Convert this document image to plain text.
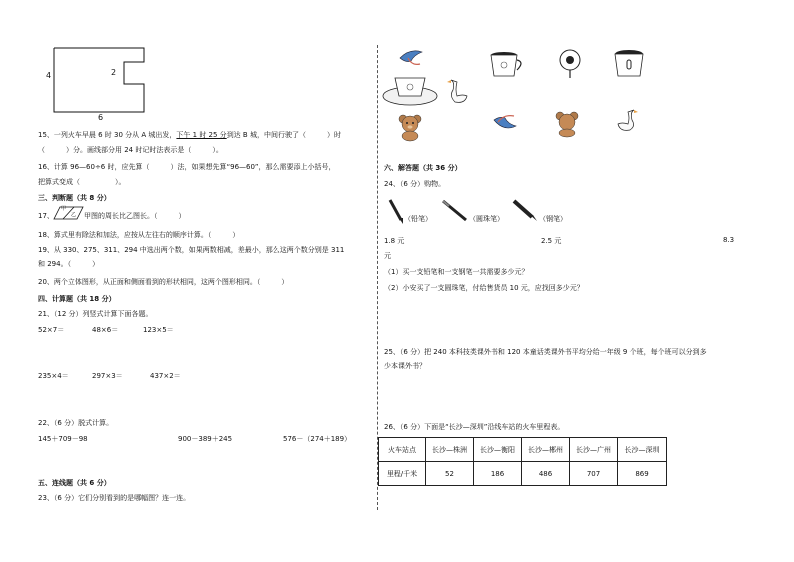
4	2
6
15、一列火车早晨 6 时 30 分从 A 城出发，下午 1 时 25 分到达 B 城，中间行驶了（　　　）时
（　　　）分。画线部分用 24 时记时法表示是（　　　）。
16、计算 96—60÷6 时，应先算（　　　）法，如果想先算“96—60”，那么需要添上小括号，
把算式变成（　　　　　）。
三、判断题（共 8 分）
17、
甲
乙 甲图的周长比乙图长。（　　　）
18、算式里有除法和加法，应按从左往右的顺序计算。（　　　）
19、从 330、275、311、294 中选出两个数，如果两数相减，差最小，那么这两个数分别是 311
和 294。（　　　）
20、两个立体图形，从正面和侧面看到的形状相同，这两个图形相同。（　　　）
四、计算题（共 18 分）
21、（12 分）列竖式计算下面各题。
52×7＝	48×6＝	123×5＝
235×4＝	297×3＝	437×2＝
22、（6 分）脱式计算。
145＋709－98	900－389＋245	576－（274＋189）
五、连线题（共 6 分）
23、（6 分）它们分别看到的是哪幅图？连一连。
六、解答题（共 36 分）
24、（6 分）购物。
（铅笔）	（圆珠笔）	（钢笔）
1.8 元	2.5 元	8.3
元
（1）买一支铅笔和一支钢笔一共需要多少元？
（2）小安买了一支圆珠笔，付给售货员 10 元，应找回多少元？
25、（6 分）把 240 本科技类课外书和 120 本童话类课外书平均分给一年级 9 个班，每个班可以分到多
少本课外书？
26、（6 分）下面是“长沙—深圳”沿线车站的火车里程表。
火车站点	长沙—株洲	长沙—衡阳	长沙—郴州	长沙—广州	长沙—深圳
里程/千米	52	186	486	707	869
